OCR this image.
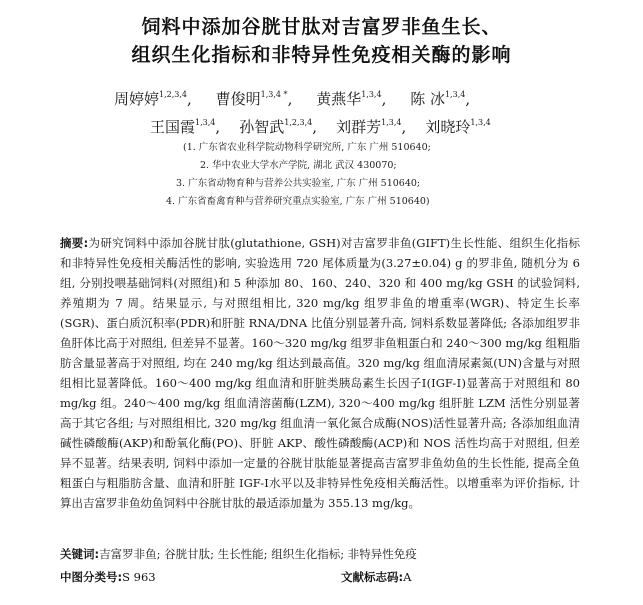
饲料中添加谷胱甘肽对吉富罗非鱼生长、
组织生化指标和非特异性免疫相关酶的影响
周婷婷$^{1,2,3,4}$,     曹俊明$^{1,3,4 *}$,     黄燕华$^{1,3,4}$,     陈 冰$^{1,3,4}$,
王国霞$^{1,3,4}$,    孙智武$^{1,2,3,4}$,    刘群芳$^{1,3,4}$,    刘晓玲$^{1,3,4}$
(1. 广东省农业科学院动物科学研究所, 广东 广州 510640;
2. 华中农业大学水产学院, 湖北 武汉 430070;
3. 广东省动物育种与营养公共实验室, 广东 广州 510640;
4. 广东省畜禽育种与营养研究重点实验室, 广东 广州 510640)
摘要:为研究饲料中添加谷胱甘肽(glutathione, GSH)对吉富罗非鱼(GIFT)生长性能、组织生化指标和非特异性免疫相关酶活性的影响, 实验选用 720 尾体质量为(3.27±0.04) g 的罗非鱼, 随机分为 6 组, 分别投喂基础饲料(对照组)和 5 种添加 80、160、240、320 和 400 mg/kg GSH 的试验饲料, 养殖期为 7 周。结果显示, 与对照组相比, 320 mg/kg 组罗非鱼的增重率(WGR)、特定生长率(SGR)、蛋白质沉积率(PDR)和肝脏 RNA/DNA 比值分别显著升高, 饲料系数显著降低; 各添加组罗非鱼肝体比高于对照组, 但差异不显著。160～320 mg/kg 组罗非鱼粗蛋白和 240～300 mg/kg 组粗脂肪含量显著高于对照组, 均在 240 mg/kg 组达到最高值。320 mg/kg 组血清尿素氮(UN)含量与对照组相比显著降低。160～400 mg/kg 组血清和肝脏类胰岛素生长因子Ⅰ(IGF-Ⅰ)显著高于对照组和 80 mg/kg 组。240～400 mg/kg 组血清溶菌酶(LZM), 320～400 mg/kg 组肝脏 LZM 活性分别显著高于其它各组; 与对照组相比, 320 mg/kg 组血清一氧化氮合成酶(NOS)活性显著升高; 各添加组血清碱性磷酸酶(AKP)和酚氧化酶(PO)、肝脏 AKP、酸性磷酸酶(ACP)和 NOS 活性均高于对照组, 但差异不显著。结果表明, 饲料中添加一定量的谷胱甘肽能显著提高吉富罗非鱼幼鱼的生长性能, 提高全鱼粗蛋白与粗脂肪含量、血清和肝脏 IGF-Ⅰ水平以及非特异性免疫相关酶活性。以增重率为评价指标, 计算出吉富罗非鱼幼鱼饲料中谷胱甘肽的最适添加量为 355.13 mg/kg。
关键词:吉富罗非鱼; 谷胱甘肽; 生长性能; 组织生化指标; 非特异性免疫
中图分类号:S 963	文献标志码:A
